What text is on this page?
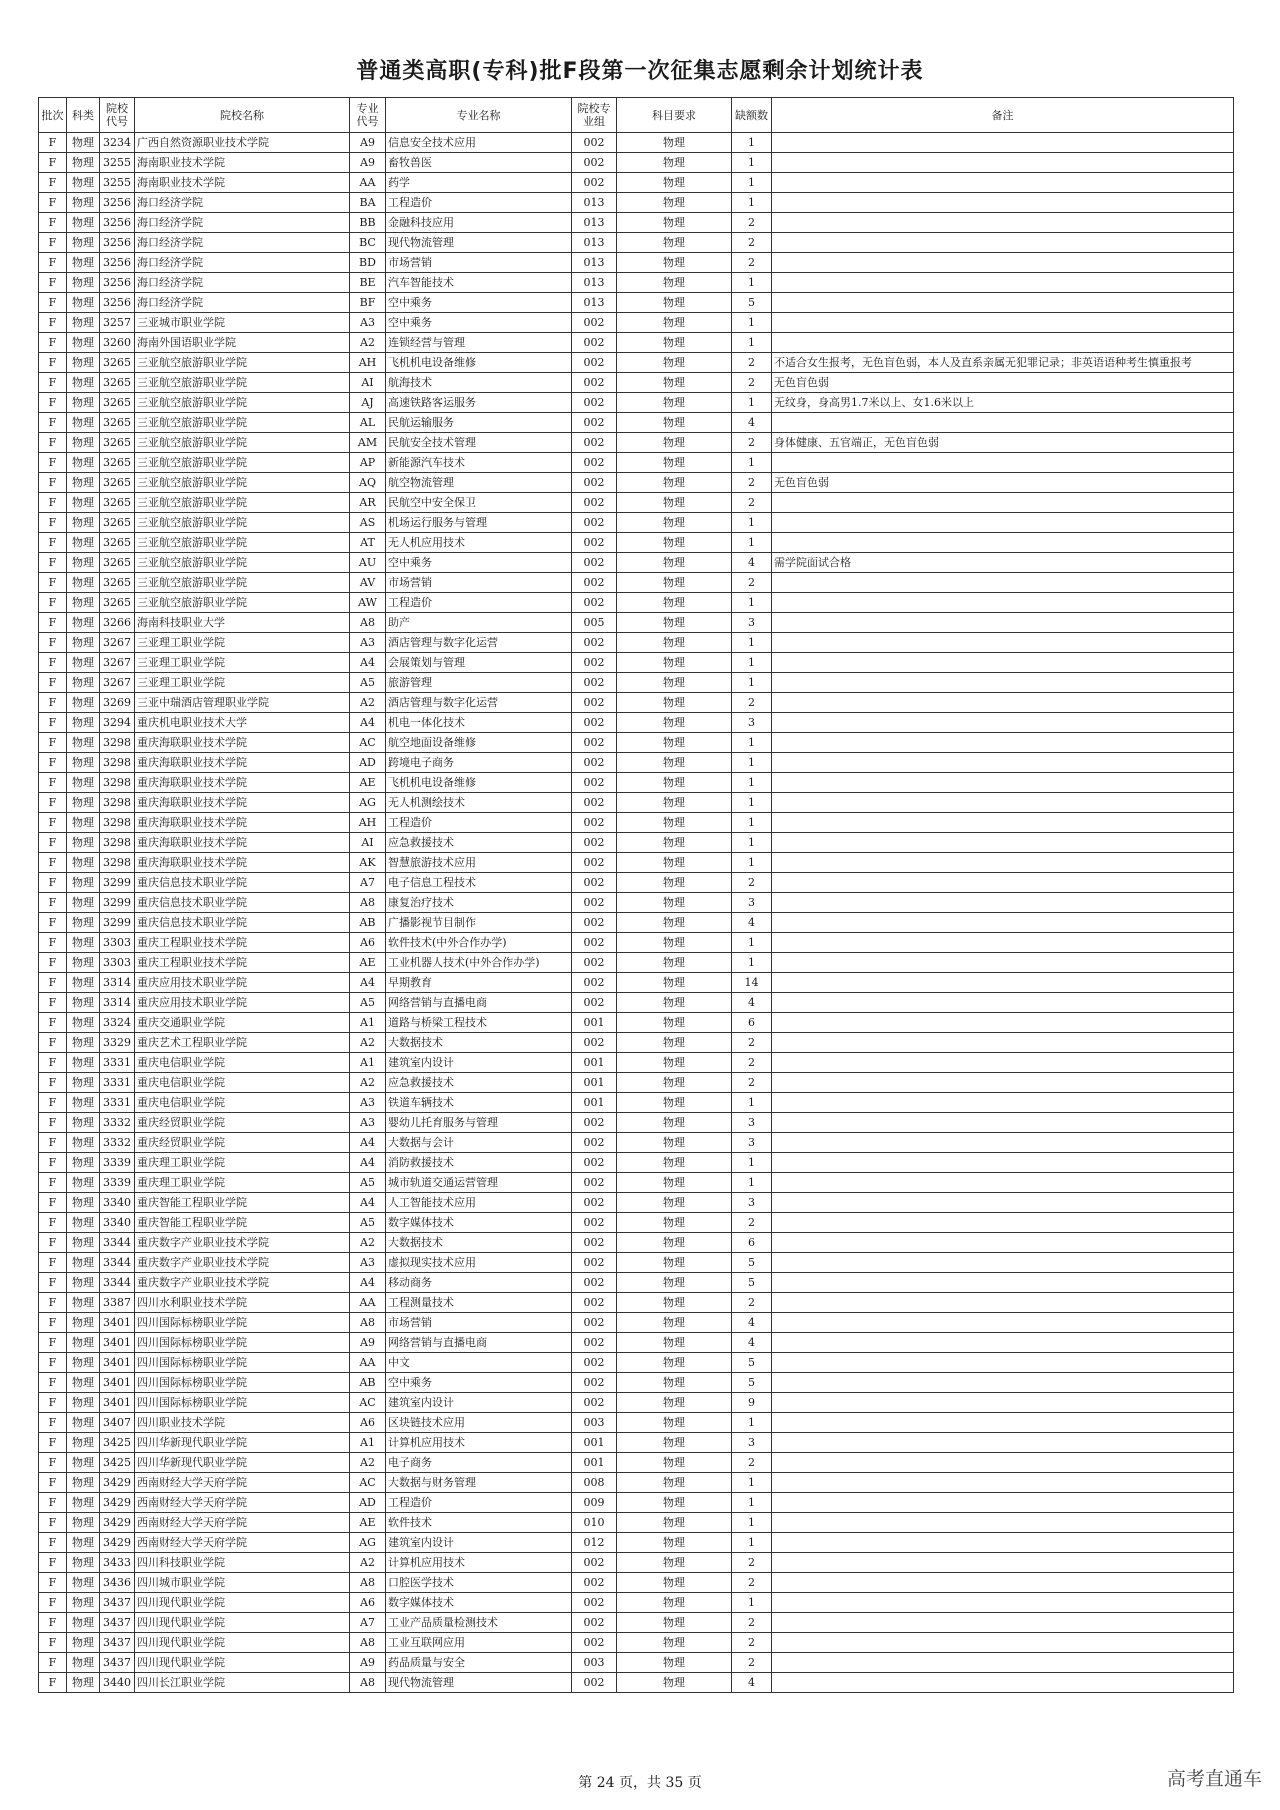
普通类高职(专科)批F段第一次征集志愿剩余计划统计表
批次	科类	院校代号	院校名称	专业代号	专业名称	院校专业组	科目要求	缺额数	备注
F	物理	3234	广西自然资源职业技术学院	A9	信息安全技术应用	002	物理	1	
F	物理	3255	海南职业技术学院	A9	畜牧兽医	002	物理	1	
F	物理	3255	海南职业技术学院	AA	药学	002	物理	1	
F	物理	3256	海口经济学院	BA	工程造价	013	物理	1	
F	物理	3256	海口经济学院	BB	金融科技应用	013	物理	2	
F	物理	3256	海口经济学院	BC	现代物流管理	013	物理	2	
F	物理	3256	海口经济学院	BD	市场营销	013	物理	2	
F	物理	3256	海口经济学院	BE	汽车智能技术	013	物理	1	
F	物理	3256	海口经济学院	BF	空中乘务	013	物理	5	
F	物理	3257	三亚城市职业学院	A3	空中乘务	002	物理	1	
F	物理	3260	海南外国语职业学院	A2	连锁经营与管理	002	物理	1	
F	物理	3265	三亚航空旅游职业学院	AH	飞机机电设备维修	002	物理	2	不适合女生报考，无色盲色弱，本人及直系亲属无犯罪记录；非英语语种考生慎重报考
F	物理	3265	三亚航空旅游职业学院	AI	航海技术	002	物理	2	无色盲色弱
F	物理	3265	三亚航空旅游职业学院	AJ	高速铁路客运服务	002	物理	1	无纹身，身高男1.7米以上、女1.6米以上
F	物理	3265	三亚航空旅游职业学院	AL	民航运输服务	002	物理	4	
F	物理	3265	三亚航空旅游职业学院	AM	民航安全技术管理	002	物理	2	身体健康、五官端正，无色盲色弱
F	物理	3265	三亚航空旅游职业学院	AP	新能源汽车技术	002	物理	1	
F	物理	3265	三亚航空旅游职业学院	AQ	航空物流管理	002	物理	2	无色盲色弱
F	物理	3265	三亚航空旅游职业学院	AR	民航空中安全保卫	002	物理	2	
F	物理	3265	三亚航空旅游职业学院	AS	机场运行服务与管理	002	物理	1	
F	物理	3265	三亚航空旅游职业学院	AT	无人机应用技术	002	物理	1	
F	物理	3265	三亚航空旅游职业学院	AU	空中乘务	002	物理	4	需学院面试合格
F	物理	3265	三亚航空旅游职业学院	AV	市场营销	002	物理	2	
F	物理	3265	三亚航空旅游职业学院	AW	工程造价	002	物理	1	
F	物理	3266	海南科技职业大学	A8	助产	005	物理	3	
F	物理	3267	三亚理工职业学院	A3	酒店管理与数字化运营	002	物理	1	
F	物理	3267	三亚理工职业学院	A4	会展策划与管理	002	物理	1	
F	物理	3267	三亚理工职业学院	A5	旅游管理	002	物理	1	
F	物理	3269	三亚中瑞酒店管理职业学院	A2	酒店管理与数字化运营	002	物理	2	
F	物理	3294	重庆机电职业技术大学	A4	机电一体化技术	002	物理	3	
F	物理	3298	重庆海联职业技术学院	AC	航空地面设备维修	002	物理	1	
F	物理	3298	重庆海联职业技术学院	AD	跨境电子商务	002	物理	1	
F	物理	3298	重庆海联职业技术学院	AE	飞机机电设备维修	002	物理	1	
F	物理	3298	重庆海联职业技术学院	AG	无人机测绘技术	002	物理	1	
F	物理	3298	重庆海联职业技术学院	AH	工程造价	002	物理	1	
F	物理	3298	重庆海联职业技术学院	AI	应急救援技术	002	物理	1	
F	物理	3298	重庆海联职业技术学院	AK	智慧旅游技术应用	002	物理	1	
F	物理	3299	重庆信息技术职业学院	A7	电子信息工程技术	002	物理	2	
F	物理	3299	重庆信息技术职业学院	A8	康复治疗技术	002	物理	3	
F	物理	3299	重庆信息技术职业学院	AB	广播影视节目制作	002	物理	4	
F	物理	3303	重庆工程职业技术学院	A6	软件技术(中外合作办学)	002	物理	1	
F	物理	3303	重庆工程职业技术学院	AE	工业机器人技术(中外合作办学)	002	物理	1	
F	物理	3314	重庆应用技术职业学院	A4	早期教育	002	物理	14	
F	物理	3314	重庆应用技术职业学院	A5	网络营销与直播电商	002	物理	4	
F	物理	3324	重庆交通职业学院	A1	道路与桥梁工程技术	001	物理	6	
F	物理	3329	重庆艺术工程职业学院	A2	大数据技术	002	物理	2	
F	物理	3331	重庆电信职业学院	A1	建筑室内设计	001	物理	2	
F	物理	3331	重庆电信职业学院	A2	应急救援技术	001	物理	2	
F	物理	3331	重庆电信职业学院	A3	铁道车辆技术	001	物理	1	
F	物理	3332	重庆经贸职业学院	A3	婴幼儿托育服务与管理	002	物理	3	
F	物理	3332	重庆经贸职业学院	A4	大数据与会计	002	物理	3	
F	物理	3339	重庆理工职业学院	A4	消防救援技术	002	物理	1	
F	物理	3339	重庆理工职业学院	A5	城市轨道交通运营管理	002	物理	1	
F	物理	3340	重庆智能工程职业学院	A4	人工智能技术应用	002	物理	3	
F	物理	3340	重庆智能工程职业学院	A5	数字媒体技术	002	物理	2	
F	物理	3344	重庆数字产业职业技术学院	A2	大数据技术	002	物理	6	
F	物理	3344	重庆数字产业职业技术学院	A3	虚拟现实技术应用	002	物理	5	
F	物理	3344	重庆数字产业职业技术学院	A4	移动商务	002	物理	5	
F	物理	3387	四川水利职业技术学院	AA	工程测量技术	002	物理	2	
F	物理	3401	四川国际标榜职业学院	A8	市场营销	002	物理	4	
F	物理	3401	四川国际标榜职业学院	A9	网络营销与直播电商	002	物理	4	
F	物理	3401	四川国际标榜职业学院	AA	中文	002	物理	5	
F	物理	3401	四川国际标榜职业学院	AB	空中乘务	002	物理	5	
F	物理	3401	四川国际标榜职业学院	AC	建筑室内设计	002	物理	9	
F	物理	3407	四川职业技术学院	A6	区块链技术应用	003	物理	1	
F	物理	3425	四川华新现代职业学院	A1	计算机应用技术	001	物理	3	
F	物理	3425	四川华新现代职业学院	A2	电子商务	001	物理	2	
F	物理	3429	西南财经大学天府学院	AC	大数据与财务管理	008	物理	1	
F	物理	3429	西南财经大学天府学院	AD	工程造价	009	物理	1	
F	物理	3429	西南财经大学天府学院	AE	软件技术	010	物理	1	
F	物理	3429	西南财经大学天府学院	AG	建筑室内设计	012	物理	1	
F	物理	3433	四川科技职业学院	A2	计算机应用技术	002	物理	2	
F	物理	3436	四川城市职业学院	A8	口腔医学技术	002	物理	2	
F	物理	3437	四川现代职业学院	A6	数字媒体技术	002	物理	1	
F	物理	3437	四川现代职业学院	A7	工业产品质量检测技术	002	物理	2	
F	物理	3437	四川现代职业学院	A8	工业互联网应用	002	物理	2	
F	物理	3437	四川现代职业学院	A9	药品质量与安全	003	物理	2	
F	物理	3440	四川长江职业学院	A8	现代物流管理	002	物理	4	
第 24 页，共 35 页	高考直通车
